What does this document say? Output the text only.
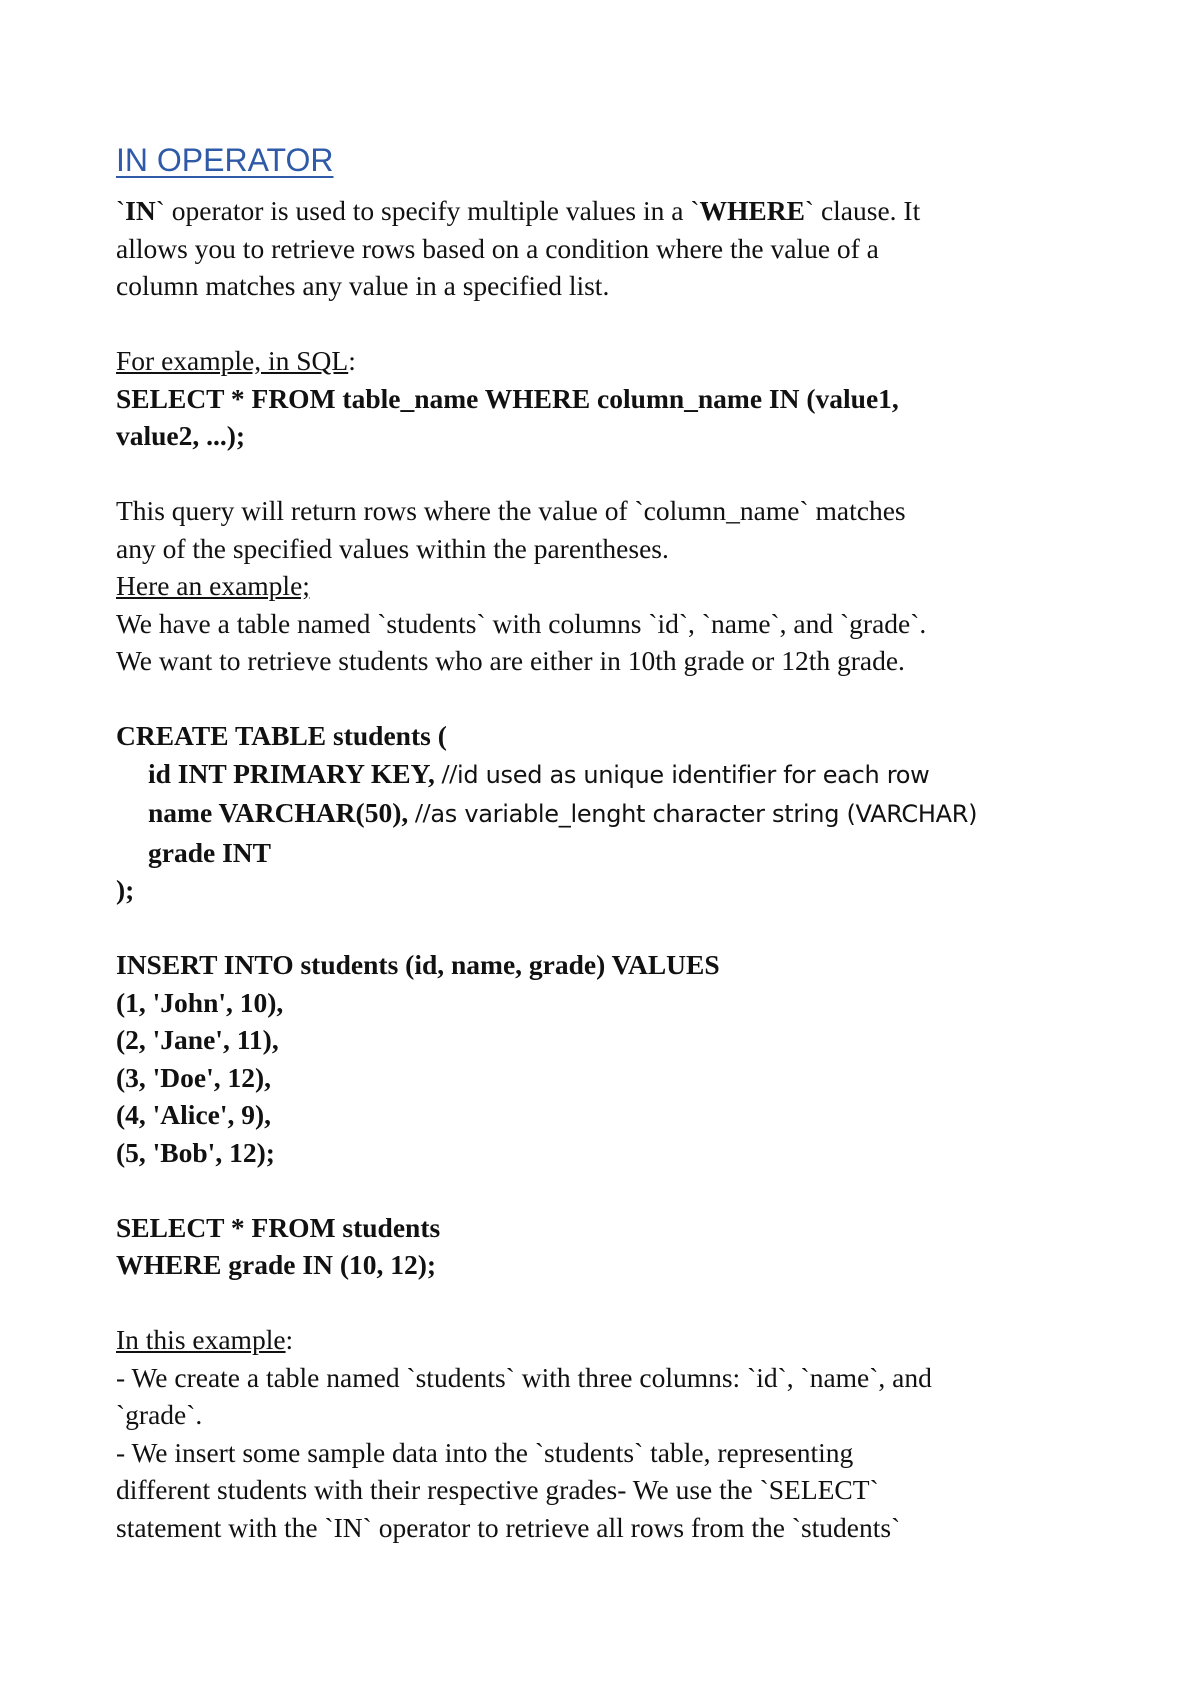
IN OPERATOR
`IN` operator is used to specify multiple values in a `WHERE` clause. It
allows you to retrieve rows based on a condition where the value of a
column matches any value in a specified list.
For example, in SQL:
SELECT * FROM table_name WHERE column_name IN (value1,
value2, ...);
This query will return rows where the value of `column_name` matches
any of the specified values within the parentheses.
Here an example;
We have a table named `students` with columns `id`, `name`, and `grade`.
We want to retrieve students who are either in 10th grade or 12th grade.
CREATE TABLE students (
id INT PRIMARY KEY, //id used as unique identifier for each row
name VARCHAR(50), //as variable_lenght character string (VARCHAR)
grade INT
);
INSERT INTO students (id, name, grade) VALUES
(1, 'John', 10),
(2, 'Jane', 11),
(3, 'Doe', 12),
(4, 'Alice', 9),
(5, 'Bob', 12);
SELECT * FROM students
WHERE grade IN (10, 12);
In this example:
- We create a table named `students` with three columns: `id`, `name`, and
`grade`.
- We insert some sample data into the `students` table, representing
different students with their respective grades- We use the `SELECT`
statement with the `IN` operator to retrieve all rows from the `students`
